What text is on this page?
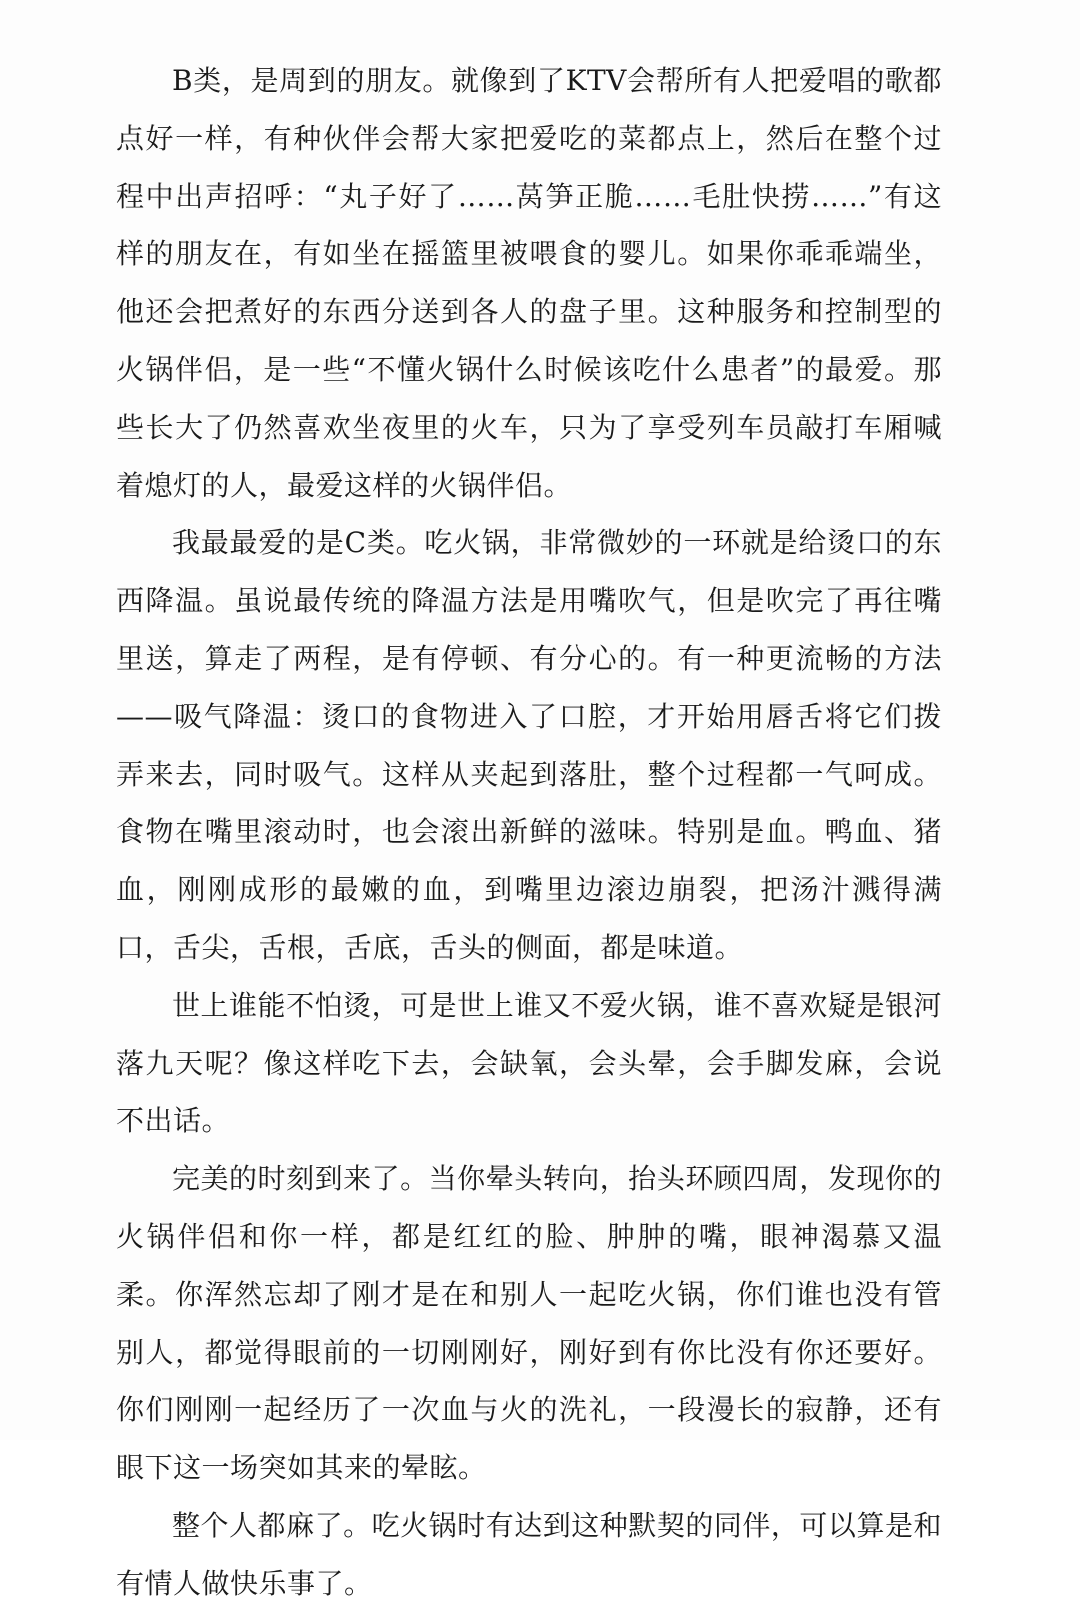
B类，是周到的朋友。就像到了KTV会帮所有人把爱唱的歌都点好一样，有种伙伴会帮大家把爱吃的菜都点上，然后在整个过程中出声招呼：“丸子好了……莴笋正脆……毛肚快捞……”有这样的朋友在，有如坐在摇篮里被喂食的婴儿。如果你乖乖端坐，他还会把煮好的东西分送到各人的盘子里。这种服务和控制型的火锅伴侣，是一些“不懂火锅什么时候该吃什么患者”的最爱。那些长大了仍然喜欢坐夜里的火车，只为了享受列车员敲打车厢喊着熄灯的人，最爱这样的火锅伴侣。

我最最爱的是C类。吃火锅，非常微妙的一环就是给烫口的东西降温。虽说最传统的降温方法是用嘴吹气，但是吹完了再往嘴里送，算走了两程，是有停顿、有分心的。有一种更流畅的方法——吸气降温：烫口的食物进入了口腔，才开始用唇舌将它们拨弄来去，同时吸气。这样从夹起到落肚，整个过程都一气呵成。食物在嘴里滚动时，也会滚出新鲜的滋味。特别是血。鸭血、猪血，刚刚成形的最嫩的血，到嘴里边滚边崩裂，把汤汁溅得满口，舌尖，舌根，舌底，舌头的侧面，都是味道。

世上谁能不怕烫，可是世上谁又不爱火锅，谁不喜欢疑是银河落九天呢？像这样吃下去，会缺氧，会头晕，会手脚发麻，会说不出话。

完美的时刻到来了。当你晕头转向，抬头环顾四周，发现你的火锅伴侣和你一样，都是红红的脸、肿肿的嘴，眼神渴慕又温柔。你浑然忘却了刚才是在和别人一起吃火锅，你们谁也没有管别人，都觉得眼前的一切刚刚好，刚好到有你比没有你还要好。你们刚刚一起经历了一次血与火的洗礼，一段漫长的寂静，还有眼下这一场突如其来的晕眩。

整个人都麻了。吃火锅时有达到这种默契的同伴，可以算是和有情人做快乐事了。
